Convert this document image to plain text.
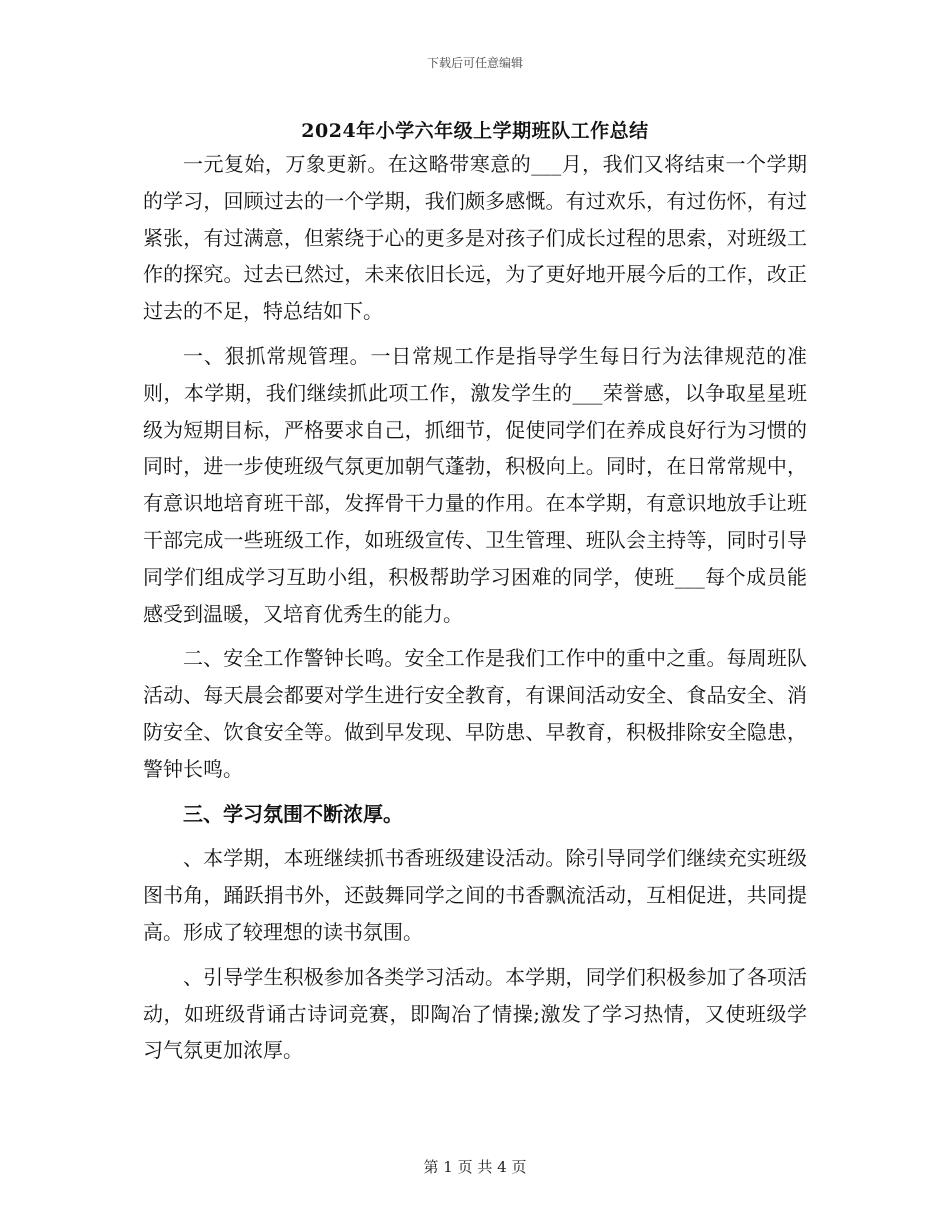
下载后可任意编辑
2024年小学六年级上学期班队工作总结

一元复始，万象更新。在这略带寒意的___月，我们又将结束一个学期的学习，回顾过去的一个学期，我们颇多感慨。有过欢乐，有过伤怀，有过紧张，有过满意，但萦绕于心的更多是对孩子们成长过程的思索，对班级工作的探究。过去已然过，未来依旧长远，为了更好地开展今后的工作，改正过去的不足，特总结如下。

一、狠抓常规管理。一日常规工作是指导学生每日行为法律规范的准则，本学期，我们继续抓此项工作，激发学生的___荣誉感，以争取星星班级为短期目标，严格要求自己，抓细节，促使同学们在养成良好行为习惯的同时，进一步使班级气氛更加朝气蓬勃，积极向上。同时，在日常常规中，有意识地培育班干部，发挥骨干力量的作用。在本学期，有意识地放手让班干部完成一些班级工作，如班级宣传、卫生管理、班队会主持等，同时引导同学们组成学习互助小组，积极帮助学习困难的同学，使班___每个成员能感受到温暖，又培育优秀生的能力。

二、安全工作警钟长鸣。安全工作是我们工作中的重中之重。每周班队活动、每天晨会都要对学生进行安全教育，有课间活动安全、食品安全、消防安全、饮食安全等。做到早发现、早防患、早教育，积极排除安全隐患，警钟长鸣。

三、学习氛围不断浓厚。

、本学期，本班继续抓书香班级建设活动。除引导同学们继续充实班级图书角，踊跃捐书外，还鼓舞同学之间的书香飘流活动，互相促进，共同提高。形成了较理想的读书氛围。

、引导学生积极参加各类学习活动。本学期，同学们积极参加了各项活动，如班级背诵古诗词竞赛，即陶冶了情操;激发了学习热情，又使班级学习气氛更加浓厚。

第 1 页 共 4 页
